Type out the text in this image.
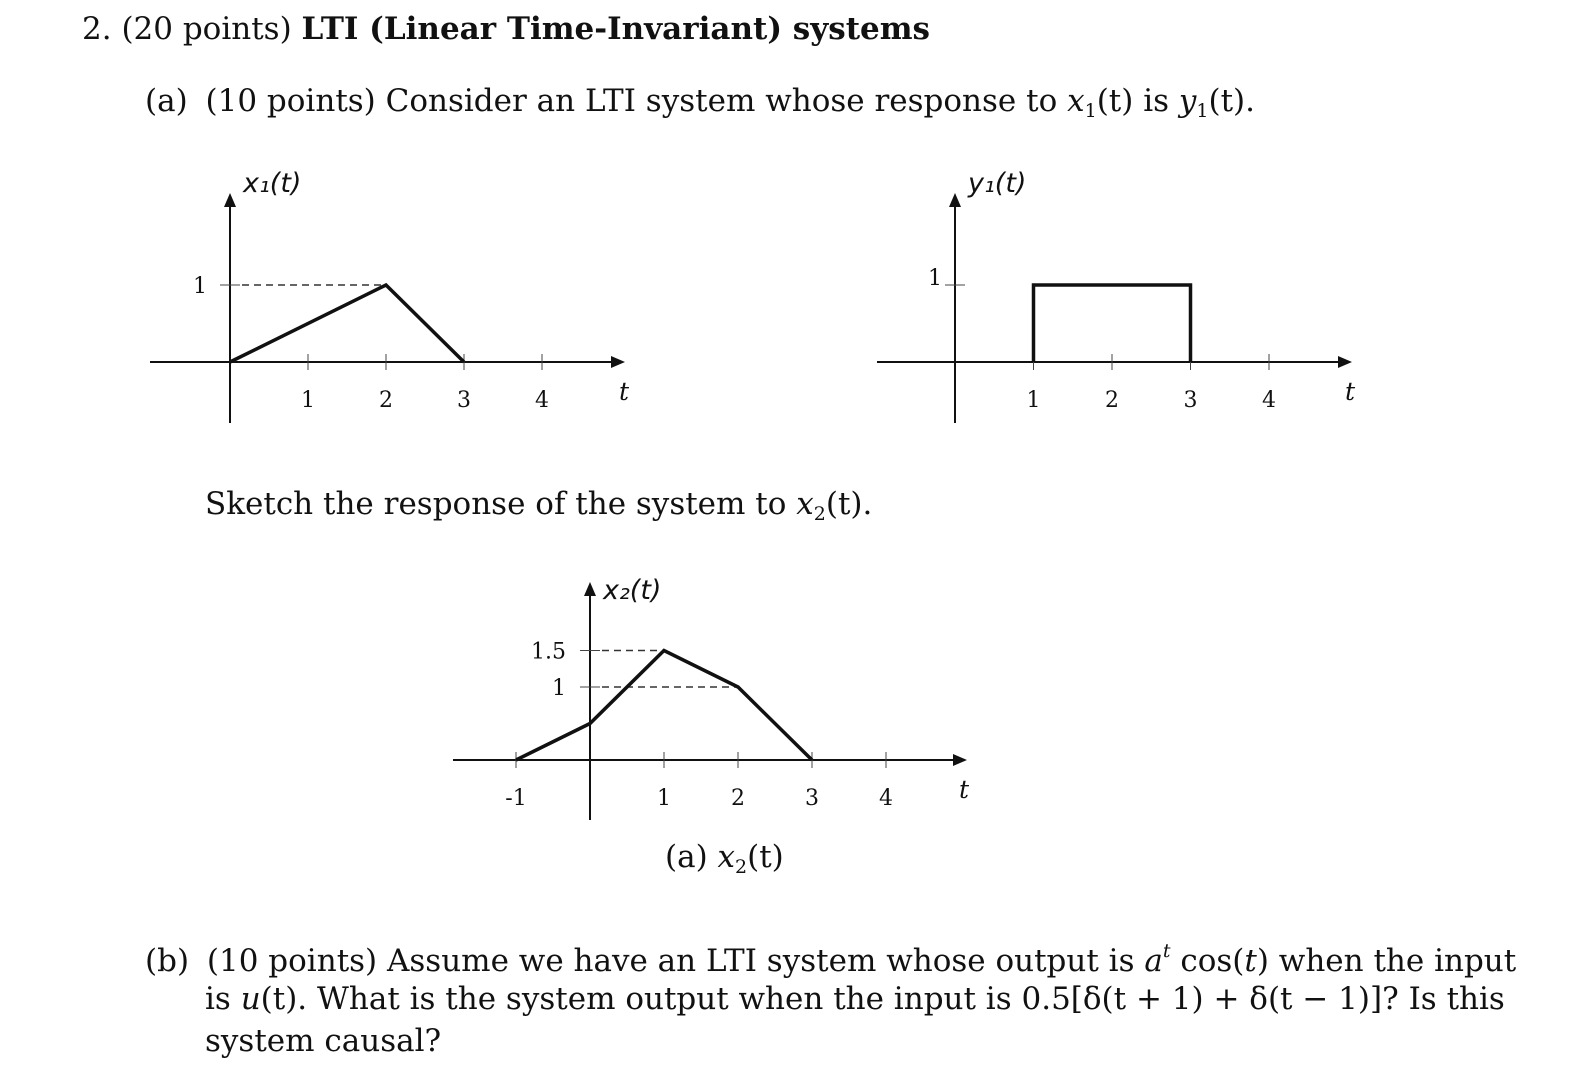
2. (20 points) LTI (Linear Time-Invariant) systems
(a) (10 points) Consider an LTI system whose response to $x_1(t)$ is $y_1(t)$.
Sketch the response of the system to $x_2(t)$.
(a) $x_2(t)$
(b) (10 points) Assume we have an LTI system whose output is $a^t$ cos(t) when the input
is u(t). What is the system output when the input is 0.5[δ(t + 1) + δ(t − 1)]? Is this
system causal?
1	2	3	4
1
x₁(t)
t	1	2	3	4
1
y₁(t)
t
-1	1	2	3	4
1.5
1
x₂(t)
t
